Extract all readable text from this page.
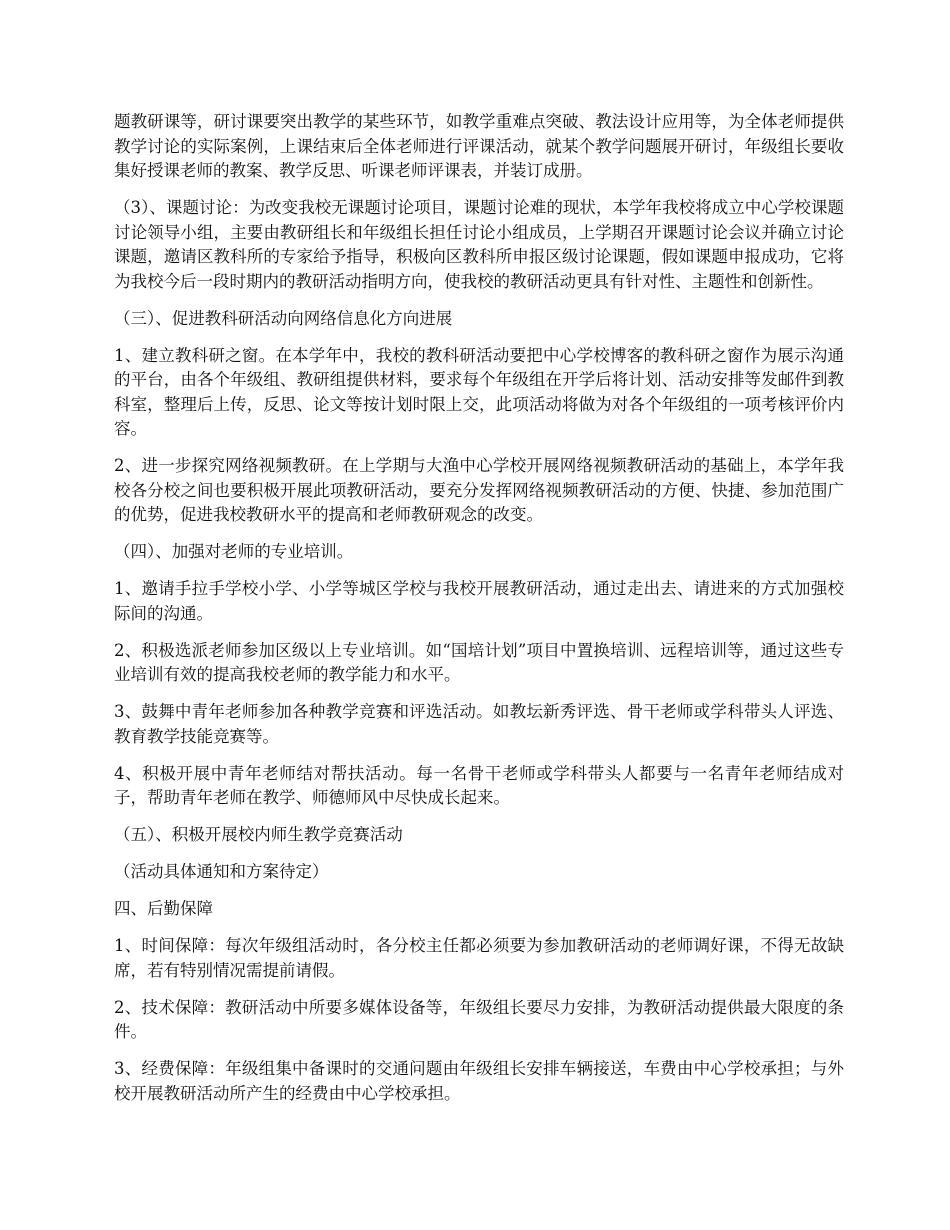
题教研课等，研讨课要突出教学的某些环节，如教学重难点突破、教法设计应用等，为全体老师提供教学讨论的实际案例，上课结束后全体老师进行评课活动，就某个教学问题展开研讨，年级组长要收集好授课老师的教案、教学反思、听课老师评课表，并装订成册。

（3）、课题讨论：为改变我校无课题讨论项目，课题讨论难的现状，本学年我校将成立中心学校课题讨论领导小组，主要由教研组长和年级组长担任讨论小组成员，上学期召开课题讨论会议并确立讨论课题，邀请区教科所的专家给予指导，积极向区教科所申报区级讨论课题，假如课题申报成功，它将为我校今后一段时期内的教研活动指明方向，使我校的教研活动更具有针对性、主题性和创新性。

（三）、促进教科研活动向网络信息化方向进展

1、建立教科研之窗。在本学年中，我校的教科研活动要把中心学校博客的教科研之窗作为展示沟通的平台，由各个年级组、教研组提供材料，要求每个年级组在开学后将计划、活动安排等发邮件到教科室，整理后上传，反思、论文等按计划时限上交，此项活动将做为对各个年级组的一项考核评价内容。

2、进一步探究网络视频教研。在上学期与大渔中心学校开展网络视频教研活动的基础上，本学年我校各分校之间也要积极开展此项教研活动，要充分发挥网络视频教研活动的方便、快捷、参加范围广的优势，促进我校教研水平的提高和老师教研观念的改变。

（四）、加强对老师的专业培训。

1、邀请手拉手学校小学、小学等城区学校与我校开展教研活动，通过走出去、请进来的方式加强校际间的沟通。

2、积极选派老师参加区级以上专业培训。如“国培计划”项目中置换培训、远程培训等，通过这些专业培训有效的提高我校老师的教学能力和水平。

3、鼓舞中青年老师参加各种教学竞赛和评选活动。如教坛新秀评选、骨干老师或学科带头人评选、教育教学技能竞赛等。

4、积极开展中青年老师结对帮扶活动。每一名骨干老师或学科带头人都要与一名青年老师结成对子，帮助青年老师在教学、师德师风中尽快成长起来。

（五）、积极开展校内师生教学竞赛活动

（活动具体通知和方案待定）

四、后勤保障

1、时间保障：每次年级组活动时，各分校主任都必须要为参加教研活动的老师调好课，不得无故缺席，若有特别情况需提前请假。

2、技术保障：教研活动中所要多媒体设备等，年级组长要尽力安排，为教研活动提供最大限度的条件。

3、经费保障：年级组集中备课时的交通问题由年级组长安排车辆接送，车费由中心学校承担；与外校开展教研活动所产生的经费由中心学校承担。
